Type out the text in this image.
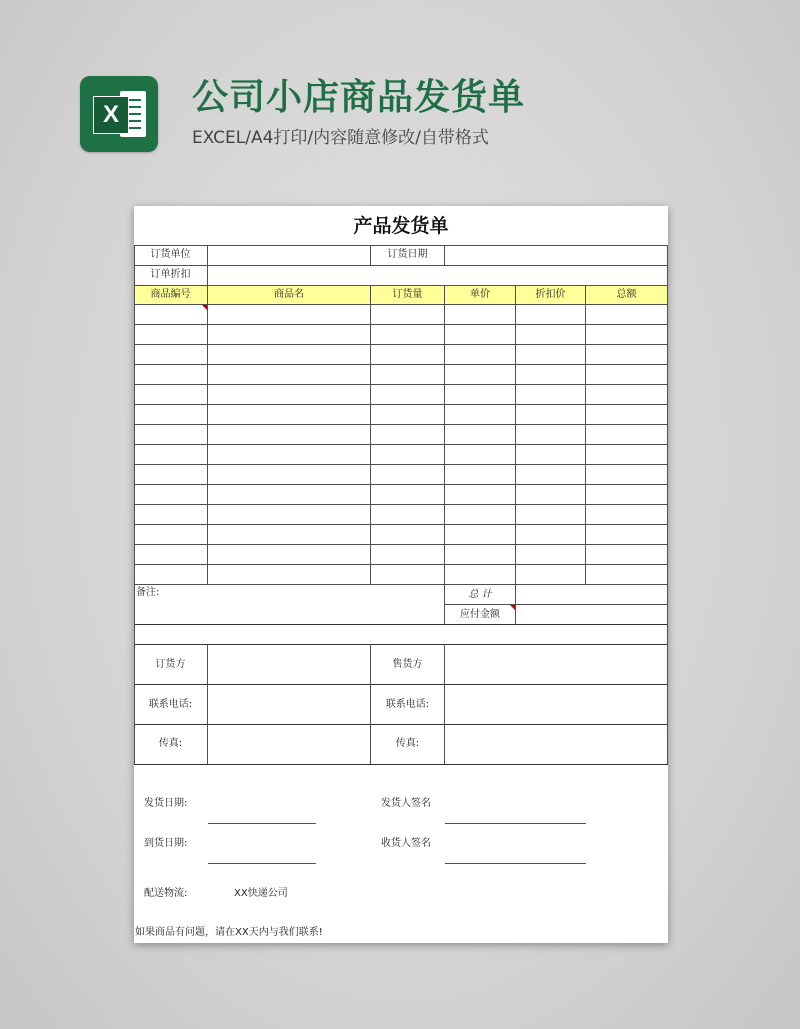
X 公司小店商品发货单

EXCEL/A4打印/内容随意修改/自带格式

产品发货单
订货单位	订货日期
订单折扣
商品编号	商品名	订货量	单价	折扣价	总额
备注:	总 计
应付金额
订货方	售货方
联系电话:	联系电话:
传真:	传真:
发货日期:	发货人签名
到货日期:	收货人签名
配送物流:	XX快递公司
如果商品有问题，请在XX天内与我们联系!
